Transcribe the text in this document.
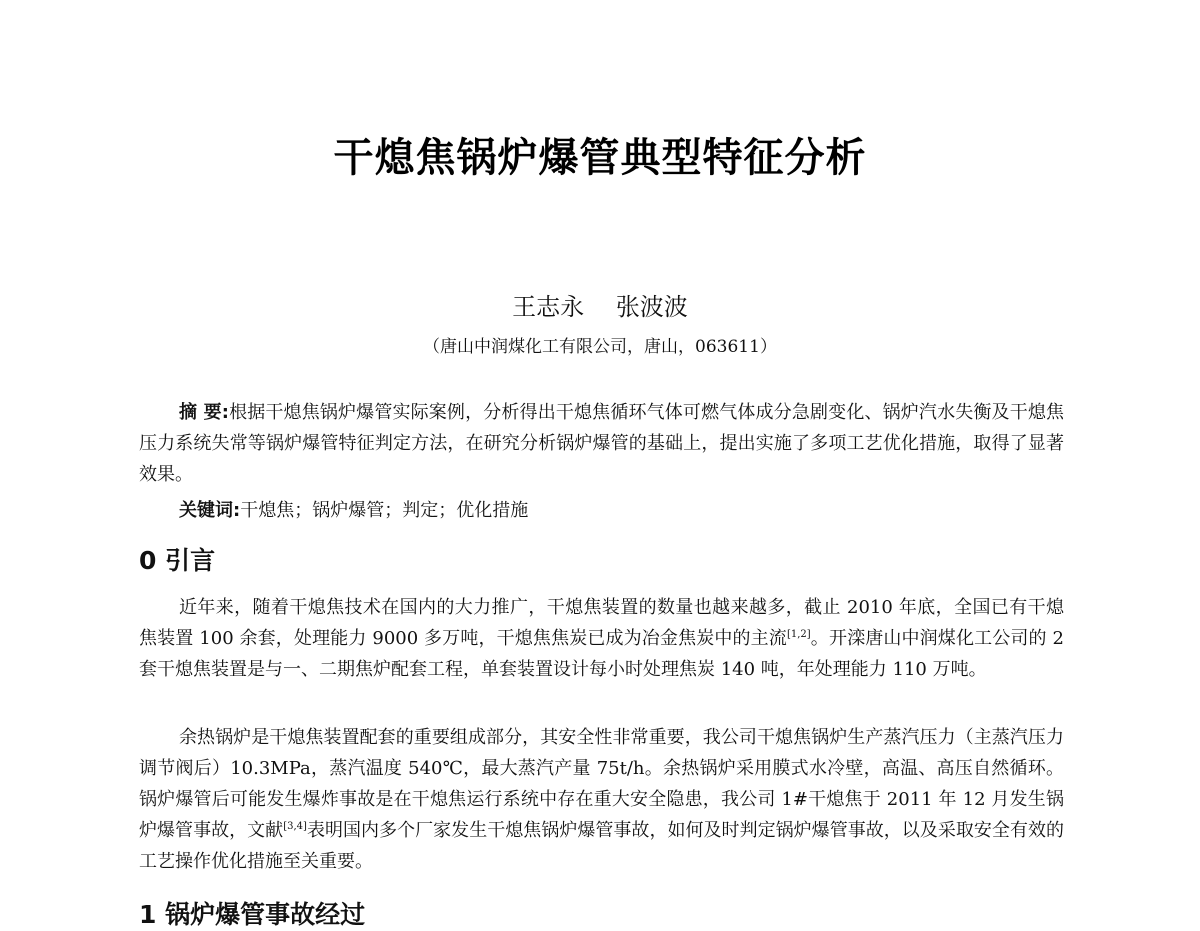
干熄焦锅炉爆管典型特征分析
王志永 张波波
（唐山中润煤化工有限公司，唐山，063611）

摘 要:根据干熄焦锅炉爆管实际案例，分析得出干熄焦循环气体可燃气体成分急剧变化、锅炉汽水失衡及干熄焦压力系统失常等锅炉爆管特征判定方法，在研究分析锅炉爆管的基础上，提出实施了多项工艺优化措施，取得了显著效果。

关键词:干熄焦；锅炉爆管；判定；优化措施

0 引言

近年来，随着干熄焦技术在国内的大力推广，干熄焦装置的数量也越来越多，截止 2010 年底，全国已有干熄焦装置 100 余套，处理能力 9000 多万吨，干熄焦焦炭已成为冶金焦炭中的主流[1,2]。开滦唐山中润煤化工公司的 2 套干熄焦装置是与一、二期焦炉配套工程，单套装置设计每小时处理焦炭 140 吨，年处理能力 110 万吨。

余热锅炉是干熄焦装置配套的重要组成部分，其安全性非常重要，我公司干熄焦锅炉生产蒸汽压力（主蒸汽压力调节阀后）10.3MPa，蒸汽温度 540℃，最大蒸汽产量 75t/h。余热锅炉采用膜式水冷壁，高温、高压自然循环。锅炉爆管后可能发生爆炸事故是在干熄焦运行系统中存在重大安全隐患，我公司 1#干熄焦于 2011 年 12 月发生锅炉爆管事故，文献[3,4]表明国内多个厂家发生干熄焦锅炉爆管事故，如何及时判定锅炉爆管事故，以及采取安全有效的工艺操作优化措施至关重要。

1 锅炉爆管事故经过
